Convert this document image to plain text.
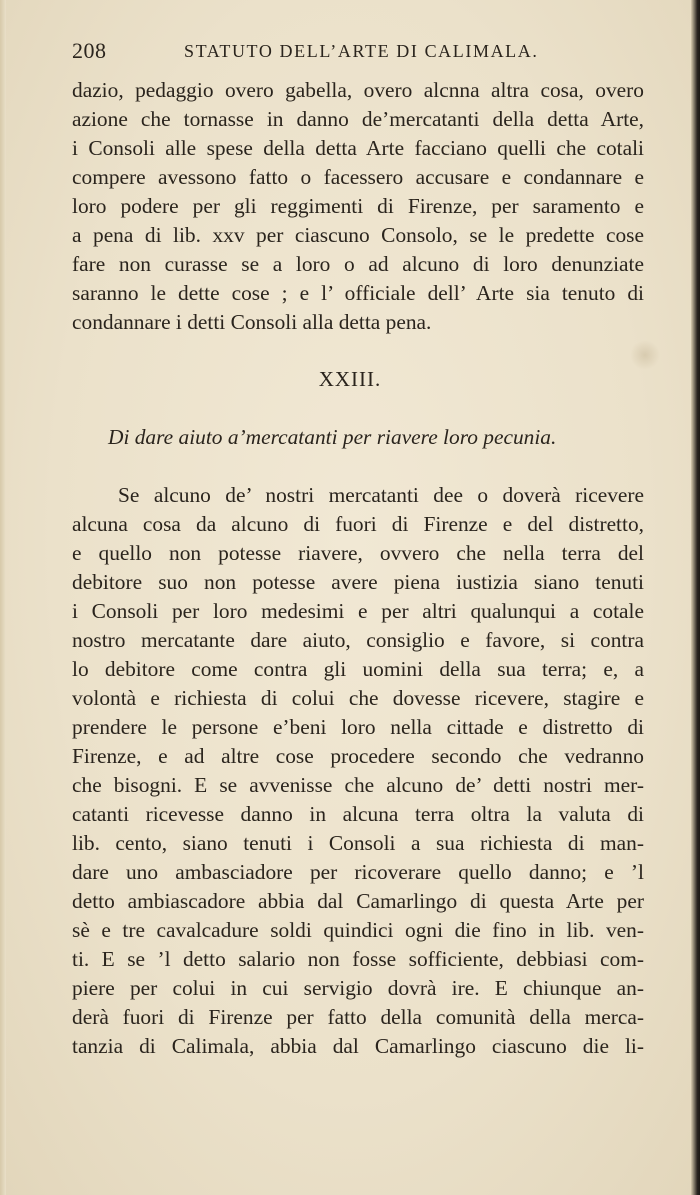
208	STATUTO DELL’ARTE DI CALIMALA.
dazio, pedaggio overo gabella, overo alcnna altra cosa, overo
azione che tornasse in danno de’mercatanti della detta Arte,
i Consoli alle spese della detta Arte facciano quelli che cotali
compere avessono fatto o facessero accusare e condannare e
loro podere per gli reggimenti di Firenze, per saramento e
a pena di lib. xxv per ciascuno Consolo, se le predette cose
fare non curasse se a loro o ad alcuno di loro denunziate
saranno le dette cose ; e l’ officiale dell’ Arte sia tenuto di
condannare i detti Consoli alla detta pena.
XXIII.
Di dare aiuto a’mercatanti per riavere loro pecunia.
Se alcuno de’ nostri mercatanti dee o doverà ricevere
alcuna cosa da alcuno di fuori di Firenze e del distretto,
e quello non potesse riavere, ovvero che nella terra del
debitore suo non potesse avere piena iustizia siano tenuti
i Consoli per loro medesimi e per altri qualunqui a cotale
nostro mercatante dare aiuto, consiglio e favore, si contra
lo debitore come contra gli uomini della sua terra; e, a
volontà e richiesta di colui che dovesse ricevere, stagire e
prendere le persone e’beni loro nella cittade e distretto di
Firenze, e ad altre cose procedere secondo che vedranno
che bisogni. E se avvenisse che alcuno de’ detti nostri mer-
catanti ricevesse danno in alcuna terra oltra la valuta di
lib. cento, siano tenuti i Consoli a sua richiesta di man-
dare uno ambasciadore per ricoverare quello danno; e ’l
detto ambiascadore abbia dal Camarlingo di questa Arte per
sè e tre cavalcadure soldi quindici ogni die fino in lib. ven-
ti. E se ’l detto salario non fosse sofficiente, debbiasi com-
piere per colui in cui servigio dovrà ire. E chiunque an-
derà fuori di Firenze per fatto della comunità della merca-
tanzia di Calimala, abbia dal Camarlingo ciascuno die li-
